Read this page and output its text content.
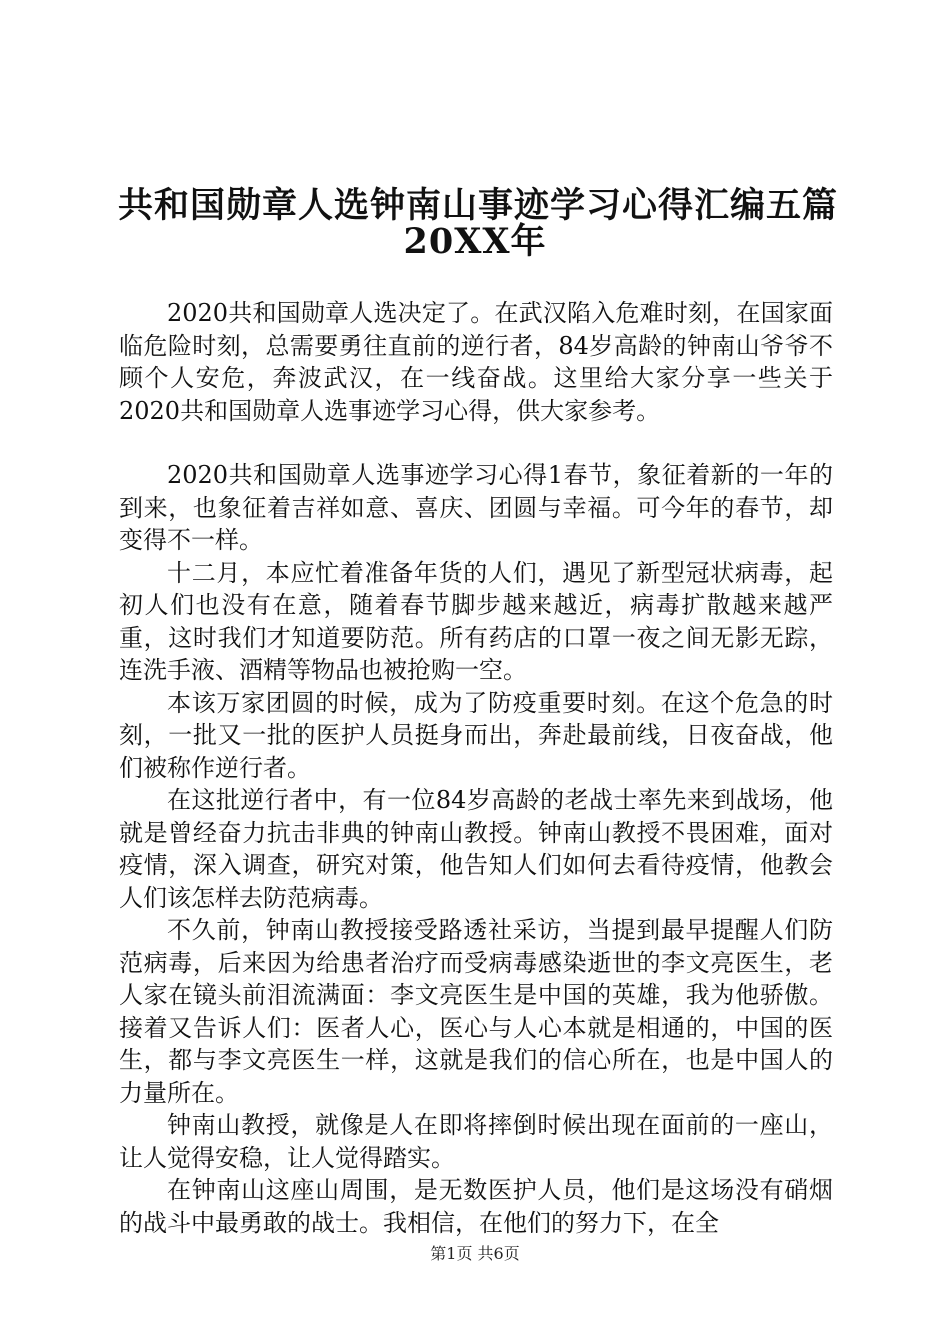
共和国勋章人选钟南山事迹学习心得汇编五篇
20XX年

2020共和国勋章人选决定了。在武汉陷入危难时刻，在国家面临危险时刻，总需要勇往直前的逆行者，84岁高龄的钟南山爷爷不顾个人安危，奔波武汉，在一线奋战。这里给大家分享一些关于2020共和国勋章人选事迹学习心得，供大家参考。

2020共和国勋章人选事迹学习心得1春节，象征着新的一年的到来，也象征着吉祥如意、喜庆、团圆与幸福。可今年的春节，却变得不一样。

十二月，本应忙着准备年货的人们，遇见了新型冠状病毒，起初人们也没有在意，随着春节脚步越来越近，病毒扩散越来越严重，这时我们才知道要防范。所有药店的口罩一夜之间无影无踪，连洗手液、酒精等物品也被抢购一空。

本该万家团圆的时候，成为了防疫重要时刻。在这个危急的时刻，一批又一批的医护人员挺身而出，奔赴最前线，日夜奋战，他们被称作逆行者。

在这批逆行者中，有一位84岁高龄的老战士率先来到战场，他就是曾经奋力抗击非典的钟南山教授。钟南山教授不畏困难，面对疫情，深入调查，研究对策，他告知人们如何去看待疫情，他教会人们该怎样去防范病毒。

不久前，钟南山教授接受路透社采访，当提到最早提醒人们防范病毒，后来因为给患者治疗而受病毒感染逝世的李文亮医生，老人家在镜头前泪流满面：李文亮医生是中国的英雄，我为他骄傲。接着又告诉人们：医者人心，医心与人心本就是相通的，中国的医生，都与李文亮医生一样，这就是我们的信心所在，也是中国人的力量所在。

钟南山教授，就像是人在即将摔倒时候出现在面前的一座山，让人觉得安稳，让人觉得踏实。

在钟南山这座山周围，是无数医护人员，他们是这场没有硝烟的战斗中最勇敢的战士。我相信，在他们的努力下，在全

第1页 共6页
